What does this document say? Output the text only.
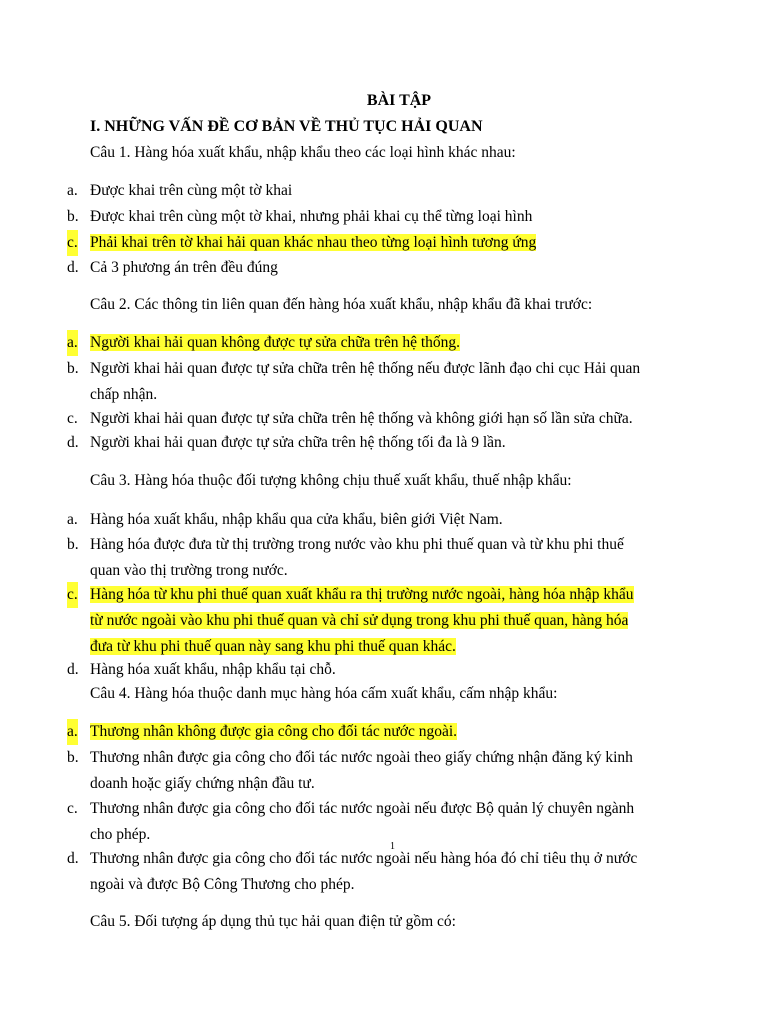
BÀI TẬP
I. NHỮNG VẤN ĐỀ CƠ BẢN VỀ THỦ TỤC HẢI QUAN
Câu 1. Hàng hóa xuất khẩu, nhập khẩu theo các loại hình khác nhau:
a. Được khai trên cùng một tờ khai
b. Được khai trên cùng một tờ khai, nhưng phải khai cụ thể từng loại hình
c. Phải khai trên tờ khai hải quan khác nhau theo từng loại hình tương ứng
d. Cả 3 phương án trên đều đúng
Câu 2. Các thông tin liên quan đến hàng hóa xuất khẩu, nhập khẩu đã khai trước:
a. Người khai hải quan không được tự sửa chữa trên hệ thống.
b. Người khai hải quan được tự sửa chữa trên hệ thống nếu được lãnh đạo chi cục Hải quan
chấp nhận.
c. Người khai hải quan được tự sửa chữa trên hệ thống và không giới hạn số lần sửa chữa.
d. Người khai hải quan được tự sửa chữa trên hệ thống tối đa là 9 lần.
Câu 3. Hàng hóa thuộc đối tượng không chịu thuế xuất khẩu, thuế nhập khẩu:
a. Hàng hóa xuất khẩu, nhập khẩu qua cửa khẩu, biên giới Việt Nam.
b. Hàng hóa được đưa từ thị trường trong nước vào khu phi thuế quan và từ khu phi thuế
quan vào thị trường trong nước.
c. Hàng hóa từ khu phi thuế quan xuất khẩu ra thị trường nước ngoài, hàng hóa nhập khẩu
từ nước ngoài vào khu phi thuế quan và chỉ sử dụng trong khu phi thuế quan, hàng hóa
đưa từ khu phi thuế quan này sang khu phi thuế quan khác.
d. Hàng hóa xuất khẩu, nhập khẩu tại chỗ.
Câu 4. Hàng hóa thuộc danh mục hàng hóa cấm xuất khẩu, cấm nhập khẩu:
a. Thương nhân không được gia công cho đối tác nước ngoài.
b. Thương nhân được gia công cho đối tác nước ngoài theo giấy chứng nhận đăng ký kinh
doanh hoặc giấy chứng nhận đầu tư.
c. Thương nhân được gia công cho đối tác nước ngoài nếu được Bộ quản lý chuyên ngành
cho phép.
d. Thương nhân được gia công cho đối tác nước ngoài nếu hàng hóa đó chỉ tiêu thụ ở nước
ngoài và được Bộ Công Thương cho phép.
Câu 5. Đối tượng áp dụng thủ tục hải quan điện tử gồm có:
1
